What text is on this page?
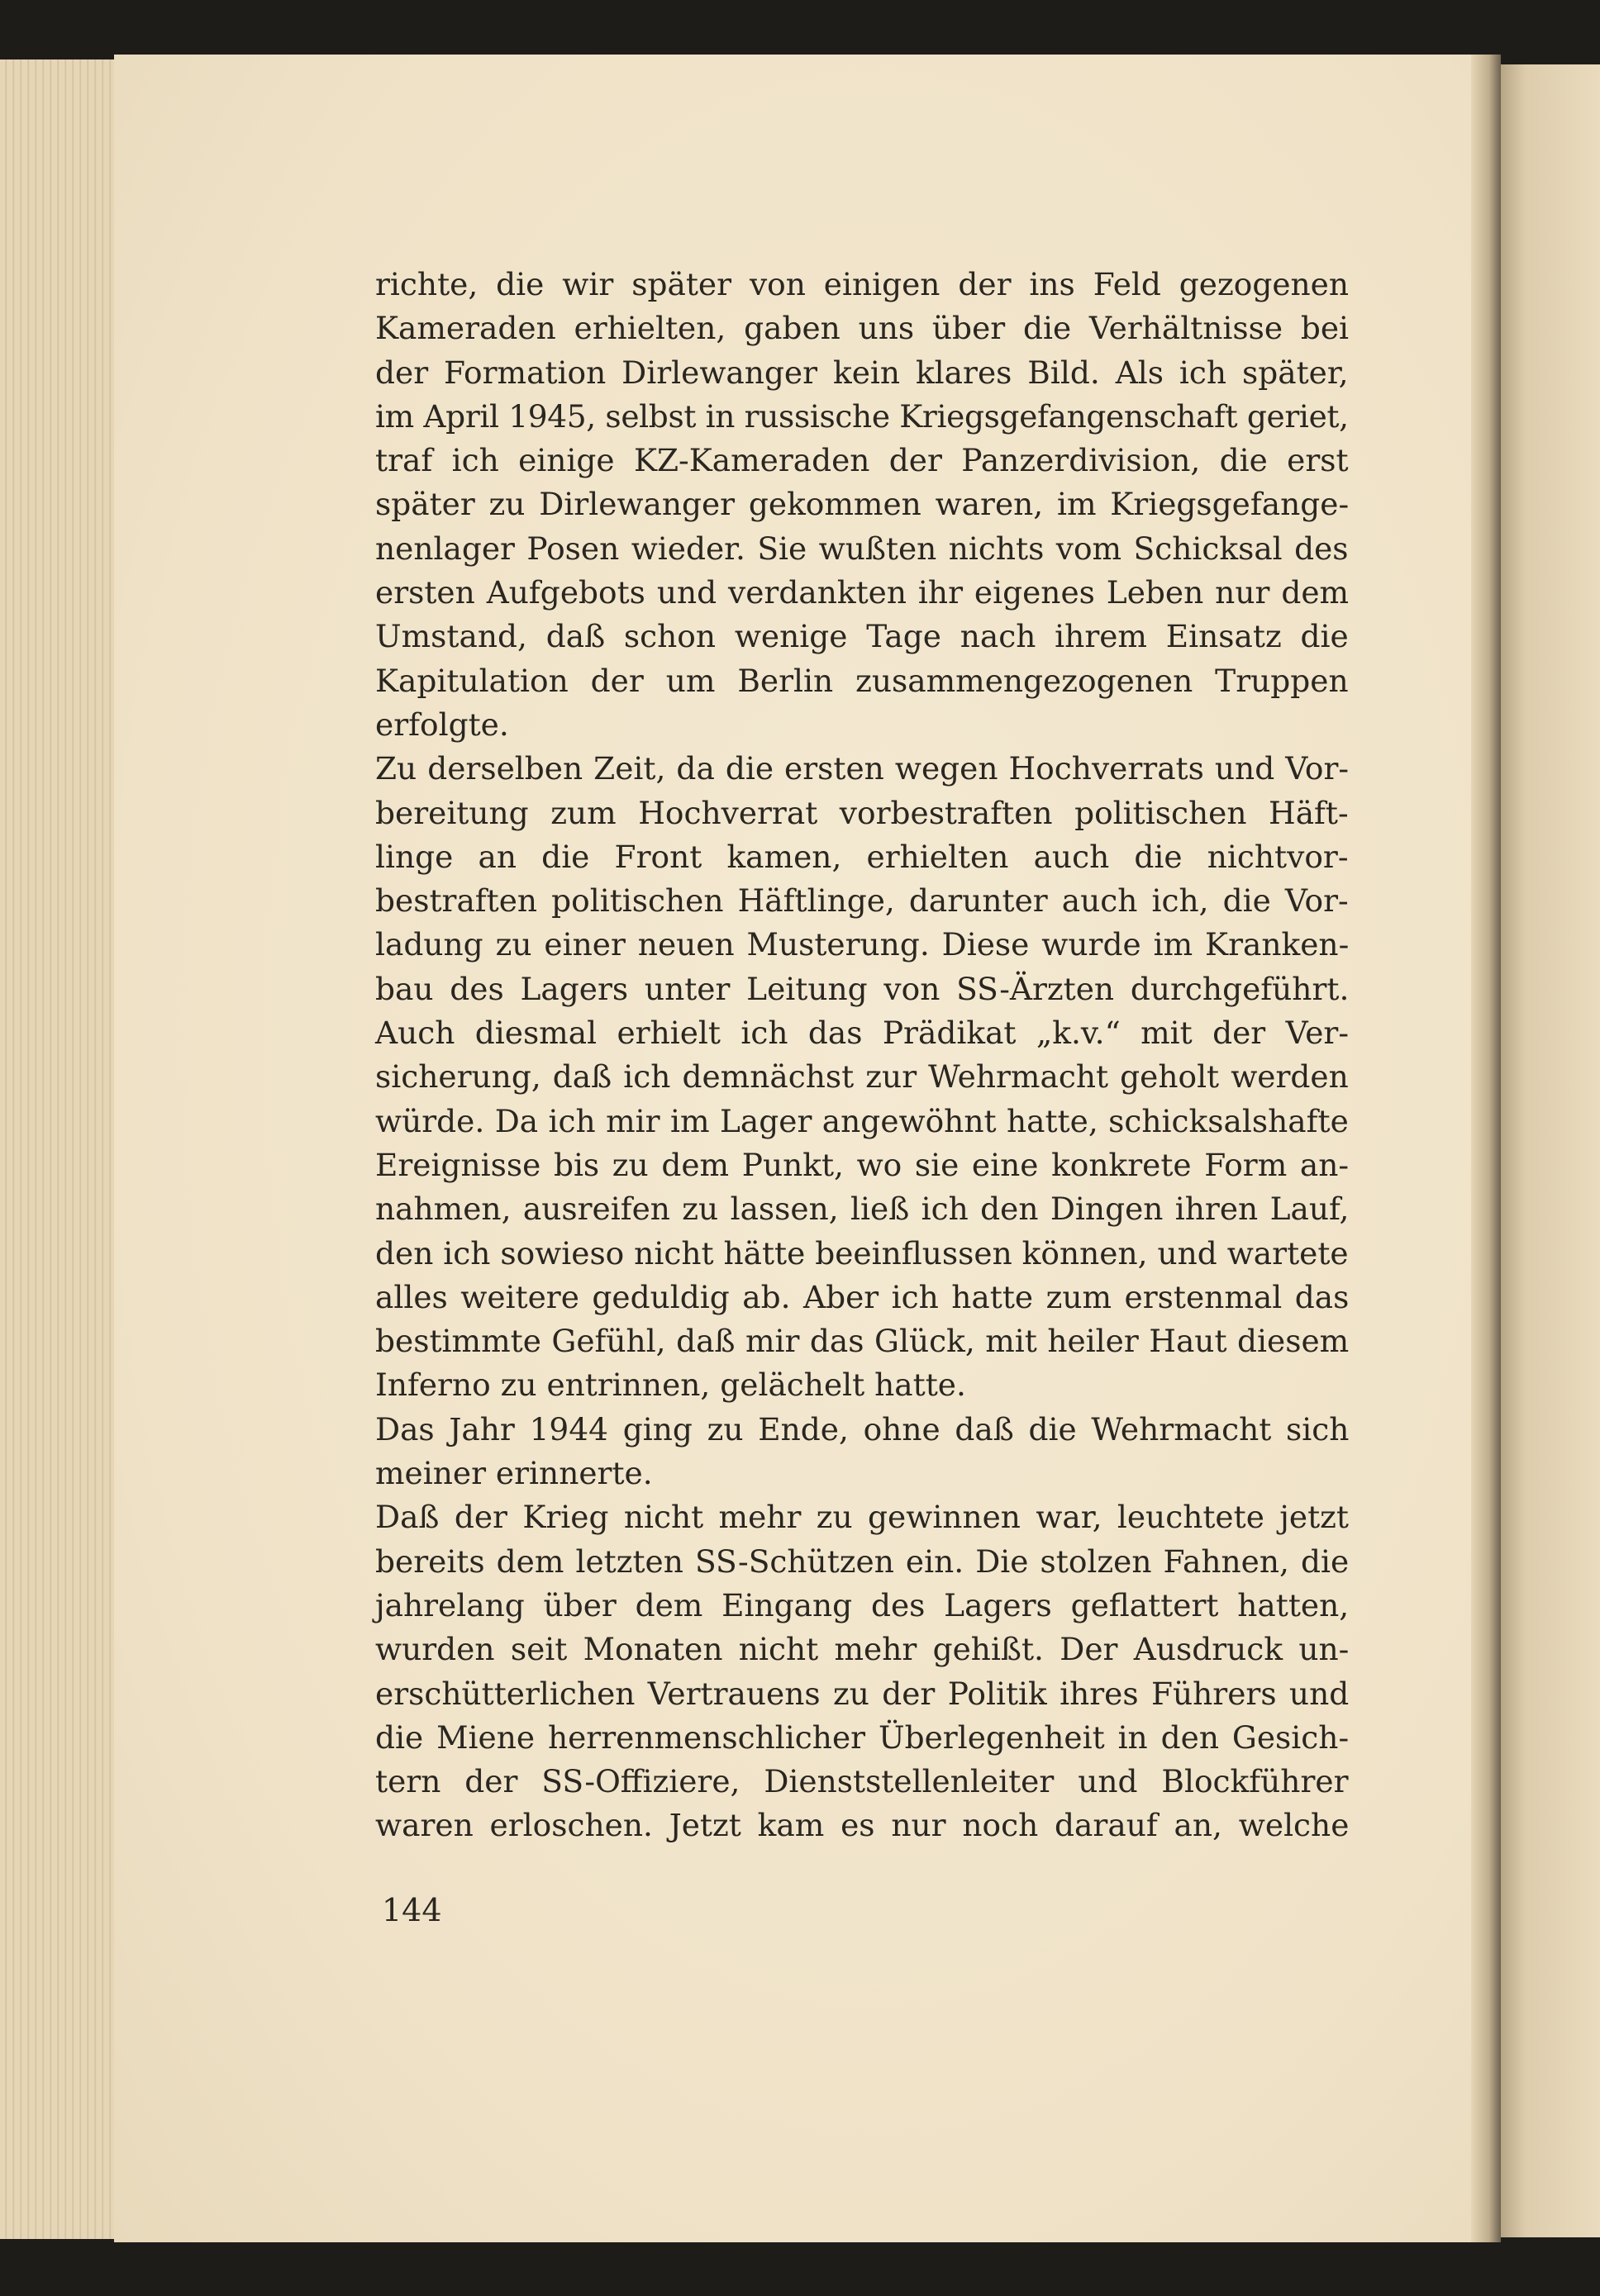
richte, die wir später von einigen der ins Feld gezogenen
Kameraden erhielten, gaben uns über die Verhältnisse bei
der Formation Dirlewanger kein klares Bild. Als ich später,
im April 1945, selbst in russische Kriegsgefangenschaft geriet,
traf ich einige KZ-Kameraden der Panzerdivision, die erst
später zu Dirlewanger gekommen waren, im Kriegsgefange-
nenlager Posen wieder. Sie wußten nichts vom Schicksal des
ersten Aufgebots und verdankten ihr eigenes Leben nur dem
Umstand, daß schon wenige Tage nach ihrem Einsatz die
Kapitulation der um Berlin zusammengezogenen Truppen
erfolgte.
Zu derselben Zeit, da die ersten wegen Hochverrats und Vor-
bereitung zum Hochverrat vorbestraften politischen Häft-
linge an die Front kamen, erhielten auch die nichtvor-
bestraften politischen Häftlinge, darunter auch ich, die Vor-
ladung zu einer neuen Musterung. Diese wurde im Kranken-
bau des Lagers unter Leitung von SS-Ärzten durchgeführt.
Auch diesmal erhielt ich das Prädikat „k.v.“ mit der Ver-
sicherung, daß ich demnächst zur Wehrmacht geholt werden
würde. Da ich mir im Lager angewöhnt hatte, schicksalshafte
Ereignisse bis zu dem Punkt, wo sie eine konkrete Form an-
nahmen, ausreifen zu lassen, ließ ich den Dingen ihren Lauf,
den ich sowieso nicht hätte beeinflussen können, und wartete
alles weitere geduldig ab. Aber ich hatte zum erstenmal das
bestimmte Gefühl, daß mir das Glück, mit heiler Haut diesem
Inferno zu entrinnen, gelächelt hatte.
Das Jahr 1944 ging zu Ende, ohne daß die Wehrmacht sich
meiner erinnerte.
Daß der Krieg nicht mehr zu gewinnen war, leuchtete jetzt
bereits dem letzten SS-Schützen ein. Die stolzen Fahnen, die
jahrelang über dem Eingang des Lagers geflattert hatten,
wurden seit Monaten nicht mehr gehißt. Der Ausdruck un-
erschütterlichen Vertrauens zu der Politik ihres Führers und
die Miene herrenmenschlicher Überlegenheit in den Gesich-
tern der SS-Offiziere, Dienststellenleiter und Blockführer
waren erloschen. Jetzt kam es nur noch darauf an, welche
144
